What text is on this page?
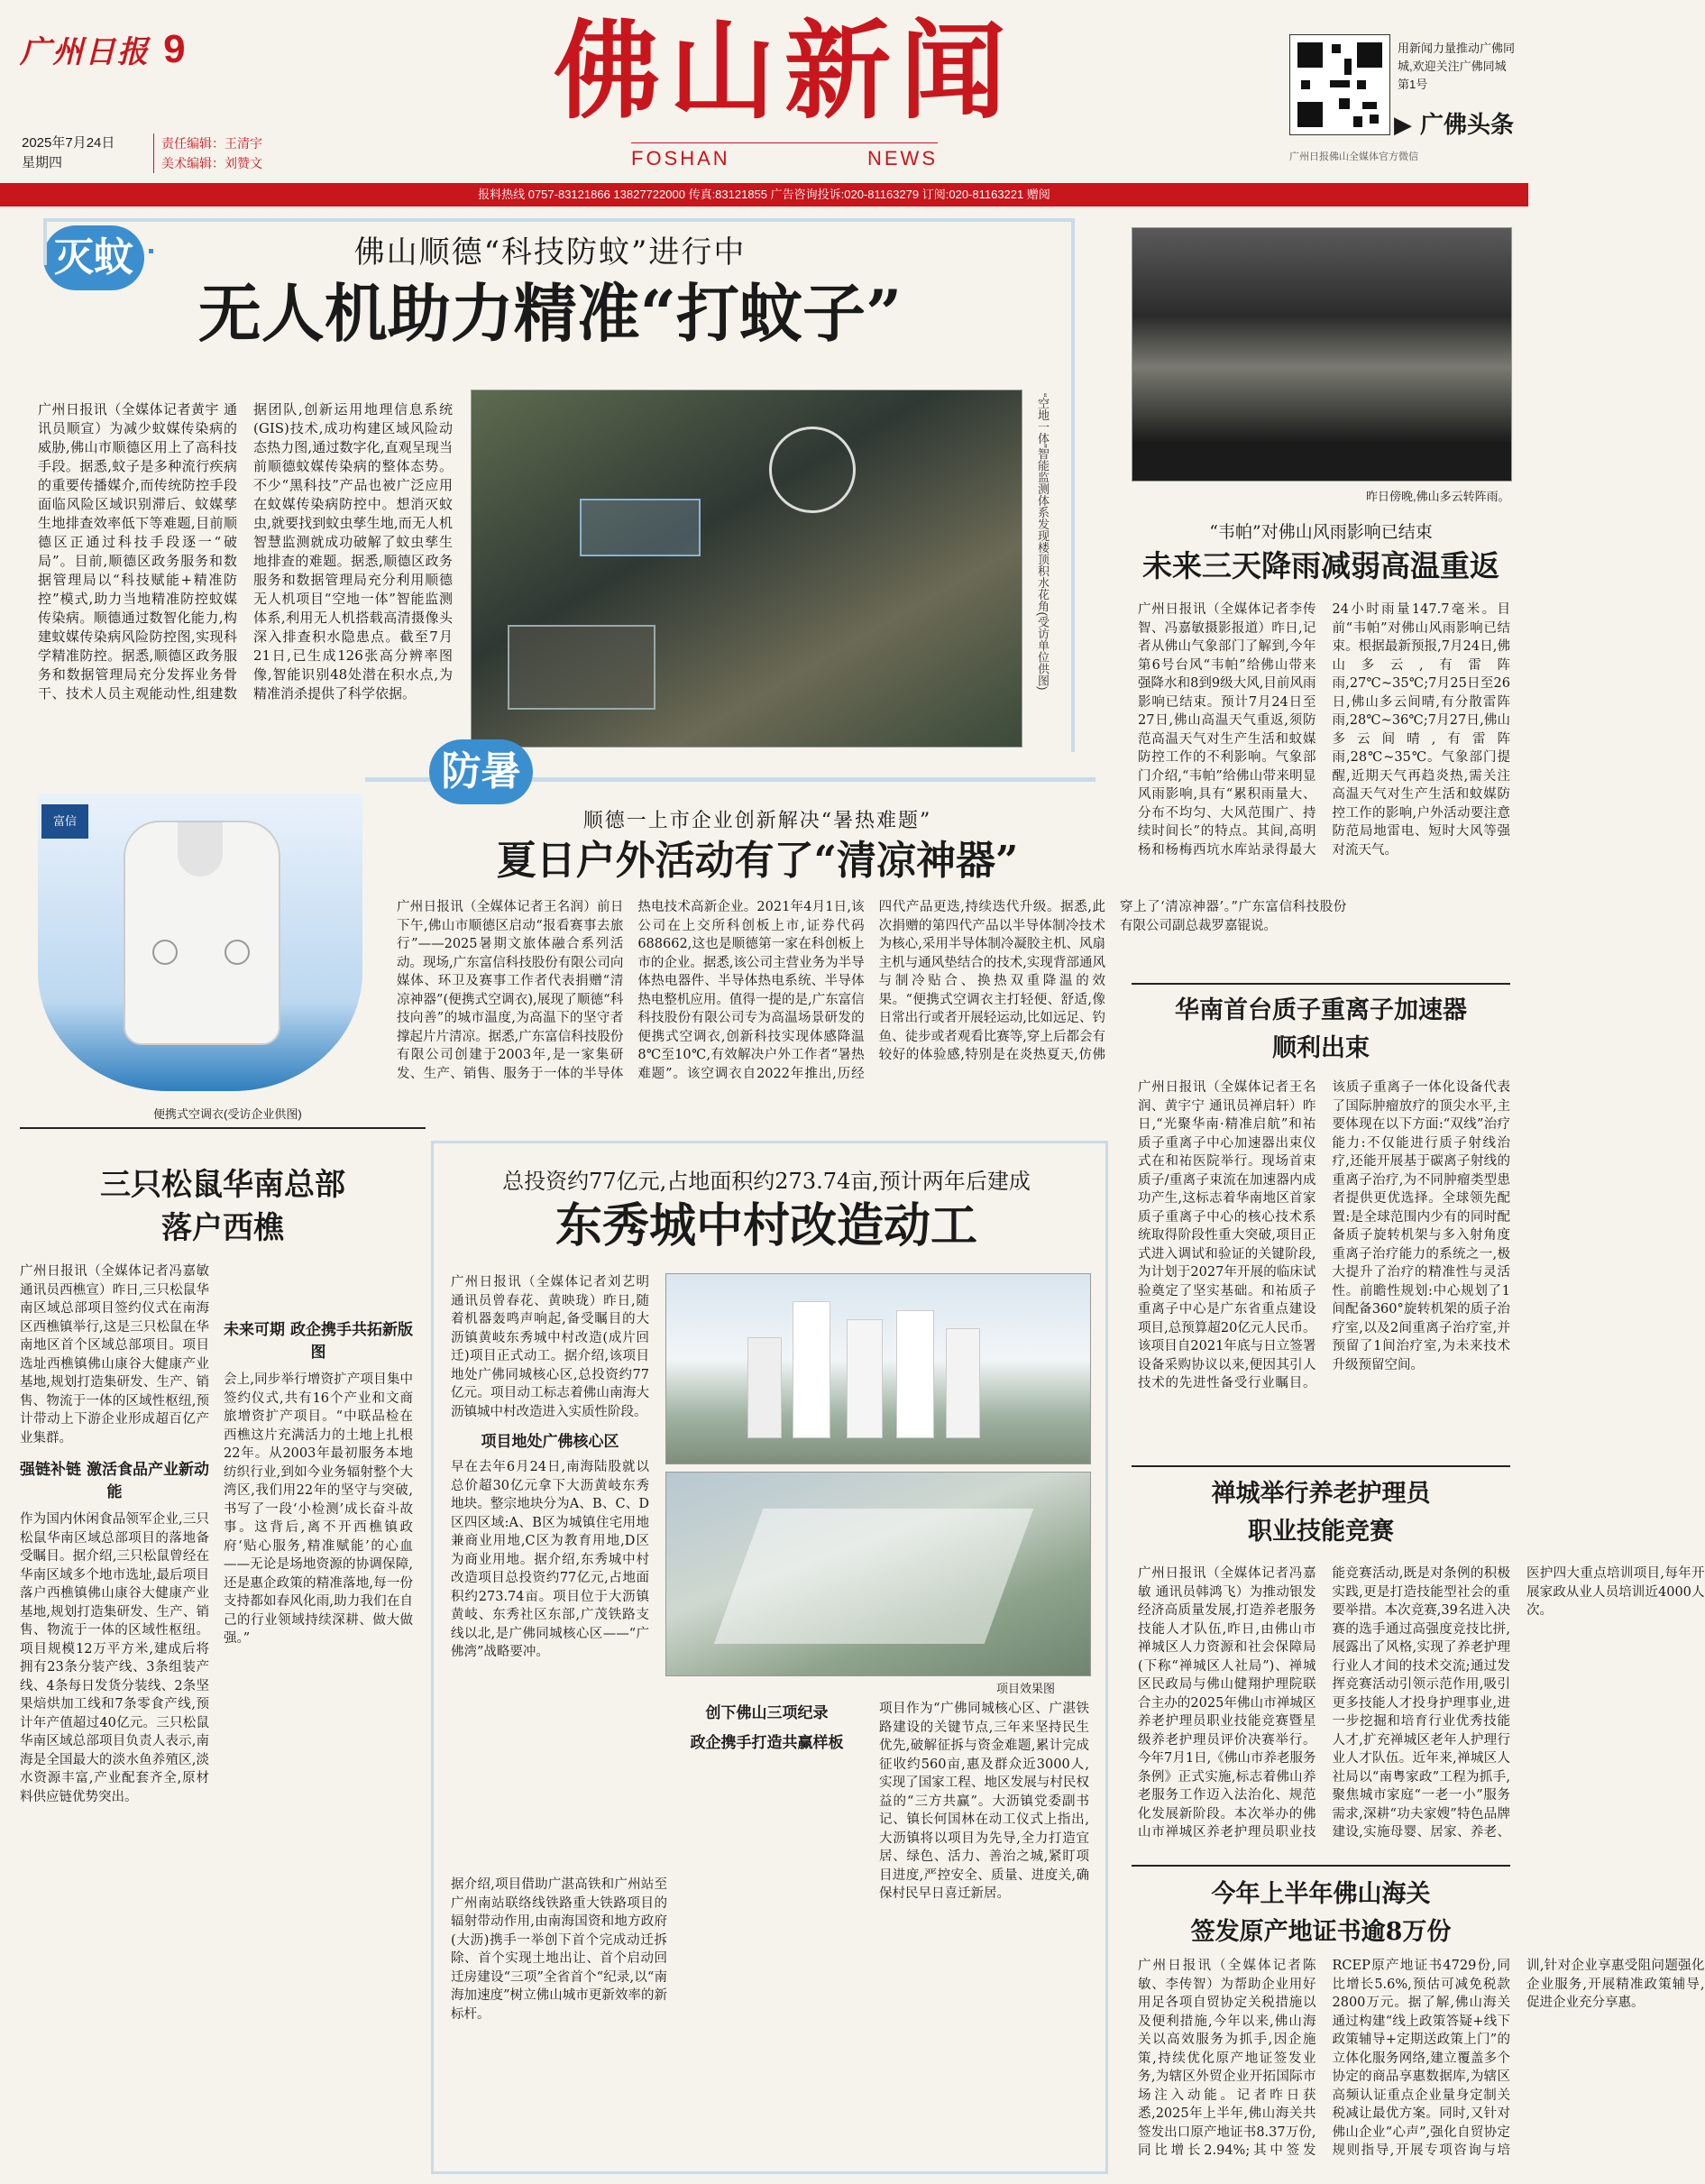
广州日报 9
2025年7月24日
星期四
责任编辑：王清宇
美术编辑：刘赞文
佛山新闻
FOSHAN	NEWS
用新闻力量推动广佛同城,欢迎关注广佛同城第1号
▶ 广佛头条
广州日报佛山全媒体官方微信
报料热线 0757-83121866 13827722000 传真:83121855 广告咨询投诉:020-81163279 订阅:020-81163221 赠阅
灭蚊	佛山顺德“科技防蚊”进行中
无人机助力精准“打蚊子”
广州日报讯（全媒体记者黄宇 通讯员顺宣）为减少蚊媒传染病的威胁,佛山市顺德区用上了高科技手段。据悉,蚊子是多种流行疾病的重要传播媒介,而传统防控手段面临风险区域识别滞后、蚊媒孳生地排查效率低下等难题,目前顺德区正通过科技手段逐一“破局”。目前,顺德区政务服务和数据管理局以“科技赋能+精准防控”模式,助力当地精准防控蚊媒传染病。顺德通过数智化能力,构建蚊媒传染病风险防控图,实现科学精准防控。据悉,顺德区政务服务和数据管理局充分发挥业务骨干、技术人员主观能动性,组建数据团队,创新运用地理信息系统(GIS)技术,成功构建区域风险动态热力图,通过数字化,直观呈现当前顺德蚊媒传染病的整体态势。不少“黑科技”产品也被广泛应用在蚊媒传染病防控中。想消灭蚊虫,就要找到蚊虫孳生地,而无人机智慧监测就成功破解了蚊虫孳生地排查的难题。据悉,顺德区政务服务和数据管理局充分利用顺德无人机项目“空地一体”智能监测体系,利用无人机搭载高清摄像头深入排查积水隐患点。截至7月21日,已生成126张高分辨率图像,智能识别48处潜在积水点,为精准消杀提供了科学依据。
“空地一体”智能监测体系发现楼顶积水花角(受访单位供图)	昨日傍晚,佛山多云转阵雨。
“韦帕”对佛山风雨影响已结束
未来三天降雨减弱高温重返
广州日报讯（全媒体记者李传智、冯嘉敏摄影报道）昨日,记者从佛山气象部门了解到,今年第6号台风“韦帕”给佛山带来强降水和8到9级大风,目前风雨影响已结束。预计7月24日至27日,佛山高温天气重返,须防范高温天气对生产生活和蚊媒防控工作的不利影响。气象部门介绍,“韦帕”给佛山带来明显风雨影响,具有“累积雨量大、分布不均匀、大风范围广、持续时间长”的特点。其间,高明杨和杨梅西坑水库站录得最大24小时雨量147.7毫米。目前“韦帕”对佛山风雨影响已结束。根据最新预报,7月24日,佛山多云,有雷阵雨,27℃~35℃;7月25日至26日,佛山多云间晴,有分散雷阵雨,28℃~36℃;7月27日,佛山多云间晴,有雷阵雨,28℃~35℃。气象部门提醒,近期天气再趋炎热,需关注高温天气对生产生活和蚊媒防控工作的影响,户外活动要注意防范局地雷电、短时大风等强对流天气。
防暑
顺德一上市企业创新解决“暑热难题”
夏日户外活动有了“清凉神器”
富信
便携式空调衣(受访企业供图)
广州日报讯（全媒体记者王名润）前日下午,佛山市顺德区启动“报看赛事去旅行”——2025暑期文旅体融合系列活动。现场,广东富信科技股份有限公司向媒体、环卫及赛事工作者代表捐赠“清凉神器”(便携式空调衣),展现了顺德“科技向善”的城市温度,为高温下的坚守者撑起片片清凉。据悉,广东富信科技股份有限公司创建于2003年,是一家集研发、生产、销售、服务于一体的半导体热电技术高新企业。2021年4月1日,该公司在上交所科创板上市,证券代码688662,这也是顺德第一家在科创板上市的企业。据悉,该公司主营业务为半导体热电器件、半导体热电系统、半导体热电整机应用。值得一提的是,广东富信科技股份有限公司专为高温场景研发的便携式空调衣,创新科技实现体感降温8℃至10℃,有效解决户外工作者“暑热难题”。该空调衣自2022年推出,历经四代产品更迭,持续迭代升级。据悉,此次捐赠的第四代产品以半导体制冷技术为核心,采用半导体制冷凝胶主机、风扇主机与通风垫结合的技术,实现背部通风与制冷贴合、换热双重降温的效果。“便携式空调衣主打轻便、舒适,像日常出行或者开展轻运动,比如远足、钓鱼、徒步或者观看比赛等,穿上后都会有较好的体验感,特别是在炎热夏天,仿佛穿上了‘清凉神器’。”广东富信科技股份有限公司副总裁罗嘉锟说。
华南首台质子重离子加速器
顺利出束
广州日报讯（全媒体记者王名润、黄宇宁 通讯员禅启轩）昨日,“光聚华南·精准启航”和祐质子重离子中心加速器出束仪式在和祐医院举行。现场首束质子/重离子束流在加速器内成功产生,这标志着华南地区首家质子重离子中心的核心技术系统取得阶段性重大突破,项目正式进入调试和验证的关键阶段,为计划于2027年开展的临床试验奠定了坚实基础。和祐质子重离子中心是广东省重点建设项目,总预算超20亿元人民币。该项目自2021年底与日立签署设备采购协议以来,便因其引人技术的先进性备受行业瞩目。该质子重离子一体化设备代表了国际肿瘤放疗的顶尖水平,主要体现在以下方面:“双线”治疗能力:不仅能进行质子射线治疗,还能开展基于碳离子射线的重离子治疗,为不同肿瘤类型患者提供更优选择。全球领先配置:是全球范围内少有的同时配备质子旋转机架与多入射角度重离子治疗能力的系统之一,极大提升了治疗的精准性与灵活性。前瞻性规划:中心规划了1间配备360°旋转机架的质子治疗室,以及2间重离子治疗室,并预留了1间治疗室,为未来技术升级预留空间。
禅城举行养老护理员
职业技能竞赛
广州日报讯（全媒体记者冯嘉敏 通讯员韩鸿飞）为推动银发经济高质量发展,打造养老服务技能人才队伍,昨日,由佛山市禅城区人力资源和社会保障局(下称“禅城区人社局”)、禅城区民政局与佛山健翔护理院联合主办的2025年佛山市禅城区养老护理员职业技能竞赛暨星级养老护理员评价决赛举行。今年7月1日,《佛山市养老服务条例》正式实施,标志着佛山养老服务工作迈入法治化、规范化发展新阶段。本次举办的佛山市禅城区养老护理员职业技能竞赛活动,既是对条例的积极实践,更是打造技能型社会的重要举措。本次竞赛,39名进入决赛的选手通过高强度竞技比拼,展露出了风格,实现了养老护理行业人才间的技术交流;通过发挥竞赛活动引领示范作用,吸引更多技能人才投身护理事业,进一步挖掘和培育行业优秀技能人才,扩充禅城区老年人护理行业人才队伍。近年来,禅城区人社局以“南粤家政”工程为抓手,聚焦城市家庭“一老一小”服务需求,深耕“功夫家嫂”特色品牌建设,实施母婴、居家、养老、医护四大重点培训项目,每年开展家政从业人员培训近4000人次。
今年上半年佛山海关
签发原产地证书逾8万份
广州日报讯（全媒体记者陈敏、李传智）为帮助企业用好用足各项自贸协定关税措施以及便利措施,今年以来,佛山海关以高效服务为抓手,因企施策,持续优化原产地证签发业务,为辖区外贸企业开拓国际市场注入动能。记者昨日获悉,2025年上半年,佛山海关共签发出口原产地证书8.37万份,同比增长2.94%;其中签发RCEP原产地证书4729份,同比增长5.6%,预估可减免税款2800万元。据了解,佛山海关通过构建“线上政策答疑+线下政策辅导+定期送政策上门”的立体化服务网络,建立覆盖多个协定的商品享惠数据库,为辖区高频认证重点企业量身定制关税减让最优方案。同时,又针对佛山企业“心声”,强化自贸协定规则指导,开展专项咨询与培训,针对企业享惠受阻问题强化企业服务,开展精准政策辅导,促进企业充分享惠。
三只松鼠华南总部
落户西樵
广州日报讯（全媒体记者冯嘉敏 通讯员西樵宣）昨日,三只松鼠华南区域总部项目签约仪式在南海区西樵镇举行,这是三只松鼠在华南地区首个区域总部项目。项目选址西樵镇佛山康谷大健康产业基地,规划打造集研发、生产、销售、物流于一体的区域性枢纽,预计带动上下游企业形成超百亿产业集群。
强链补链 激活食品产业新动能
作为国内休闲食品领军企业,三只松鼠华南区域总部项目的落地备受瞩目。据介绍,三只松鼠曾经在华南区域多个地市选址,最后项目落户西樵镇佛山康谷大健康产业基地,规划打造集研发、生产、销售、物流于一体的区域性枢纽。项目规模12万平方米,建成后将拥有23条分装产线、3条组装产线、4条每日发货分装线、2条坚果焙烘加工线和7条零食产线,预计年产值超过40亿元。三只松鼠华南区域总部项目负责人表示,南海是全国最大的淡水鱼养殖区,淡水资源丰富,产业配套齐全,原材料供应链优势突出。
未来可期 政企携手共拓新版图
会上,同步举行增资扩产项目集中签约仪式,共有16个产业和文商旅增资扩产项目。“中联品检在西樵这片充满活力的土地上扎根22年。从2003年最初服务本地纺织行业,到如今业务辐射整个大湾区,我们用22年的坚守与突破,书写了一段‘小检测’成长奋斗故事。这背后,离不开西樵镇政府‘贴心服务,精准赋能’的心血——无论是场地资源的协调保障,还是惠企政策的精准落地,每一份支持都如春风化雨,助力我们在自己的行业领域持续深耕、做大做强。”
总投资约77亿元,占地面积约273.74亩,预计两年后建成
东秀城中村改造动工
广州日报讯（全媒体记者刘艺明 通讯员曾春花、黄映珑）昨日,随着机器轰鸣声响起,备受瞩目的大沥镇黄岐东秀城中村改造(成片回迁)项目正式动工。据介绍,该项目地处广佛同城核心区,总投资约77亿元。项目动工标志着佛山南海大沥镇城中村改造进入实质性阶段。
项目地处广佛核心区
早在去年6月24日,南海陆股就以总价超30亿元拿下大沥黄岐东秀地块。整宗地块分为A、B、C、D区四区域:A、B区为城镇住宅用地兼商业用地,C区为教育用地,D区为商业用地。据介绍,东秀城中村改造项目总投资约77亿元,占地面积约273.74亩。项目位于大沥镇黄岐、东秀社区东部,广茂铁路支线以北,是广佛同城核心区——“广佛湾”战略要冲。
项目效果图
据介绍,项目借助广湛高铁和广州站至广州南站联络线铁路重大铁路项目的辐射带动作用,由南海国资和地方政府(大沥)携手一举创下首个完成动迁拆除、首个实现土地出让、首个启动回迁房建设“三项”全省首个“纪录,以“南海加速度”树立佛山城市更新效率的新标杆。
创下佛山三项纪录
政企携手打造共赢样板
项目作为“广佛同城核心区、广湛铁路建设的关键节点,三年来坚持民生优先,破解征拆与资金难题,累计完成征收约560亩,惠及群众近3000人,实现了国家工程、地区发展与村民权益的“三方共赢”。大沥镇党委副书记、镇长何国林在动工仪式上指出,大沥镇将以项目为先导,全力打造宜居、绿色、活力、善治之城,紧盯项目进度,严控安全、质量、进度关,确保村民早日喜迁新居。
